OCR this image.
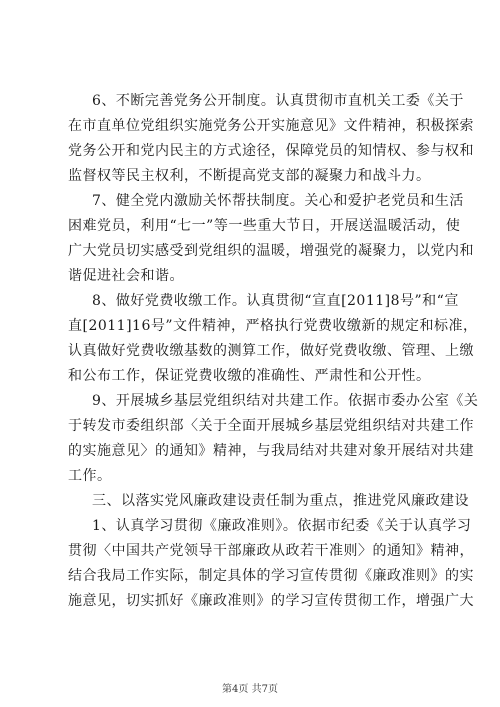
6、不断完善党务公开制度。认真贯彻市直机关工委《关于
在市直单位党组织实施党务公开实施意见》文件精神，积极探索
党务公开和党内民主的方式途径，保障党员的知情权、参与权和
监督权等民主权利，不断提高党支部的凝聚力和战斗力。
7、健全党内激励关怀帮扶制度。关心和爱护老党员和生活
困难党员，利用“七一”等一些重大节日，开展送温暖活动，使
广大党员切实感受到党组织的温暖，增强党的凝聚力，以党内和
谐促进社会和谐。
8、做好党费收缴工作。认真贯彻“宣直[2011]8号”和“宣
直[2011]16号”文件精神，严格执行党费收缴新的规定和标准，
认真做好党费收缴基数的测算工作，做好党费收缴、管理、上缴
和公布工作，保证党费收缴的准确性、严肃性和公开性。
9、开展城乡基层党组织结对共建工作。依据市委办公室《关
于转发市委组织部〈关于全面开展城乡基层党组织结对共建工作
的实施意见〉的通知》精神，与我局结对共建对象开展结对共建
工作。
三、以落实党风廉政建设责任制为重点，推进党风廉政建设
1、认真学习贯彻《廉政准则》。依据市纪委《关于认真学习
贯彻〈中国共产党领导干部廉政从政若干准则〉的通知》精神，
结合我局工作实际，制定具体的学习宣传贯彻《廉政准则》的实
施意见，切实抓好《廉政准则》的学习宣传贯彻工作，增强广大
第4页 共7页
